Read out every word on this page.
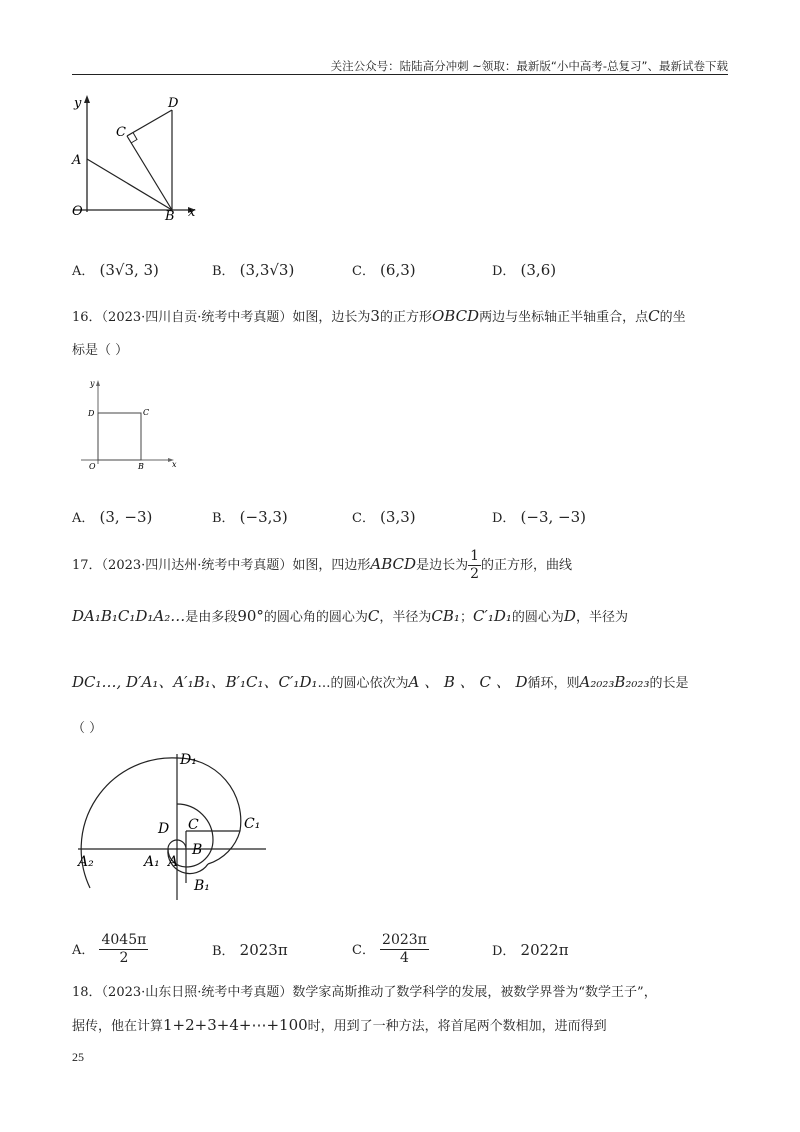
关注公众号：陆陆高分冲刺 ~领取：最新版“小中高考-总复习”、最新试卷下载
y	D
C
A
O	B x
A． (3√3, 3)	B． (3,3√3)	C． (6,3)	D． (3,6)
16．（2023·四川自贡·统考中考真题）如图，边长为3的正方形OBCD两边与坐标轴正半轴重合，点C的坐
标是（ ）
y
D	C
O	B	x
A． (3, −3)	B． (−3,3)	C． (3,3)	D． (−3, −3)
17．（2023·四川达州·统考中考真题）如图，四边形ABCD是边长为 $\frac{1}{2}$ 的正方形，曲线
DA₁B₁C₁D₁A₂…是由多段90°的圆心角的圆心为C，半径为CB₁；C′₁D₁的圆心为D，半径为
DC₁…, D′A₁、A′₁B₁、B′₁C₁、C′₁D₁…的圆心依次为A 、 B 、 C 、 D循环，则A₂₀₂₃B₂₀₂₃的长是
（ ）
D₁
C₁
D C
A₂	A₁ A
B
B₁
A． $\frac{4045\pi}{2}$	B． 2023π	C． $\frac{2023\pi}{4}$	D． 2022π
18．（2023·山东日照·统考中考真题）数学家高斯推动了数学科学的发展，被数学界誉为“数学王子”，
据传，他在计算1+2+3+4+⋯+100时，用到了一种方法，将首尾两个数相加，进而得到
25
